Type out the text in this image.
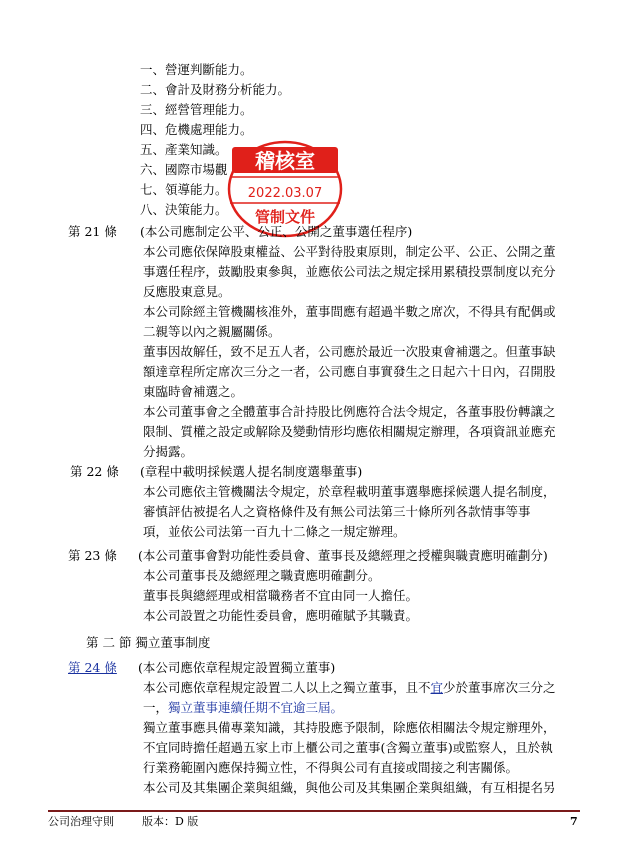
一、營運判斷能力。
二、會計及財務分析能力。
三、經營管理能力。
四、危機處理能力。
五、產業知識。
六、國際市場觀
七、領導能力。
八、決策能力。
稽核室
2022.03.07
管制文件
第 21 條 (本公司應制定公平、公正、公開之董事選任程序)
本公司應依保障股東權益、公平對待股東原則，制定公平、公正、公開之董
事選任程序，鼓勵股東參與，並應依公司法之規定採用累積投票制度以充分
反應股東意見。
本公司除經主管機關核准外，董事間應有超過半數之席次，不得具有配偶或
二親等以內之親屬關係。
董事因故解任，致不足五人者，公司應於最近一次股東會補選之。但董事缺
額達章程所定席次三分之一者，公司應自事實發生之日起六十日內，召開股
東臨時會補選之。
本公司董事會之全體董事合計持股比例應符合法令規定，各董事股份轉讓之
限制、質權之設定或解除及變動情形均應依相關規定辦理，各項資訊並應充
分揭露。
第 22 條 (章程中載明採候選人提名制度選舉董事)
本公司應依主管機關法令規定，於章程載明董事選舉應採候選人提名制度，
審慎評估被提名人之資格條件及有無公司法第三十條所列各款情事等事
項，並依公司法第一百九十二條之一規定辦理。
第 23 條 (本公司董事會對功能性委員會、董事長及總經理之授權與職責應明確劃分)
本公司董事長及總經理之職責應明確劃分。
董事長與總經理或相當職務者不宜由同一人擔任。
本公司設置之功能性委員會，應明確賦予其職責。
第 二 節 獨立董事制度
第 24 條 (本公司應依章程規定設置獨立董事)
本公司應依章程規定設置二人以上之獨立董事，且不宜少於董事席次三分之
一，獨立董事連續任期不宜逾三屆。
獨立董事應具備專業知識，其持股應予限制，除應依相關法令規定辦理外，
不宜同時擔任超過五家上市上櫃公司之董事(含獨立董事)或監察人，且於執
行業務範圍內應保持獨立性，不得與公司有直接或間接之利害關係。
本公司及其集團企業與組織，與他公司及其集團企業與組織，有互相提名另
公司治理守則	版本：D 版	7
